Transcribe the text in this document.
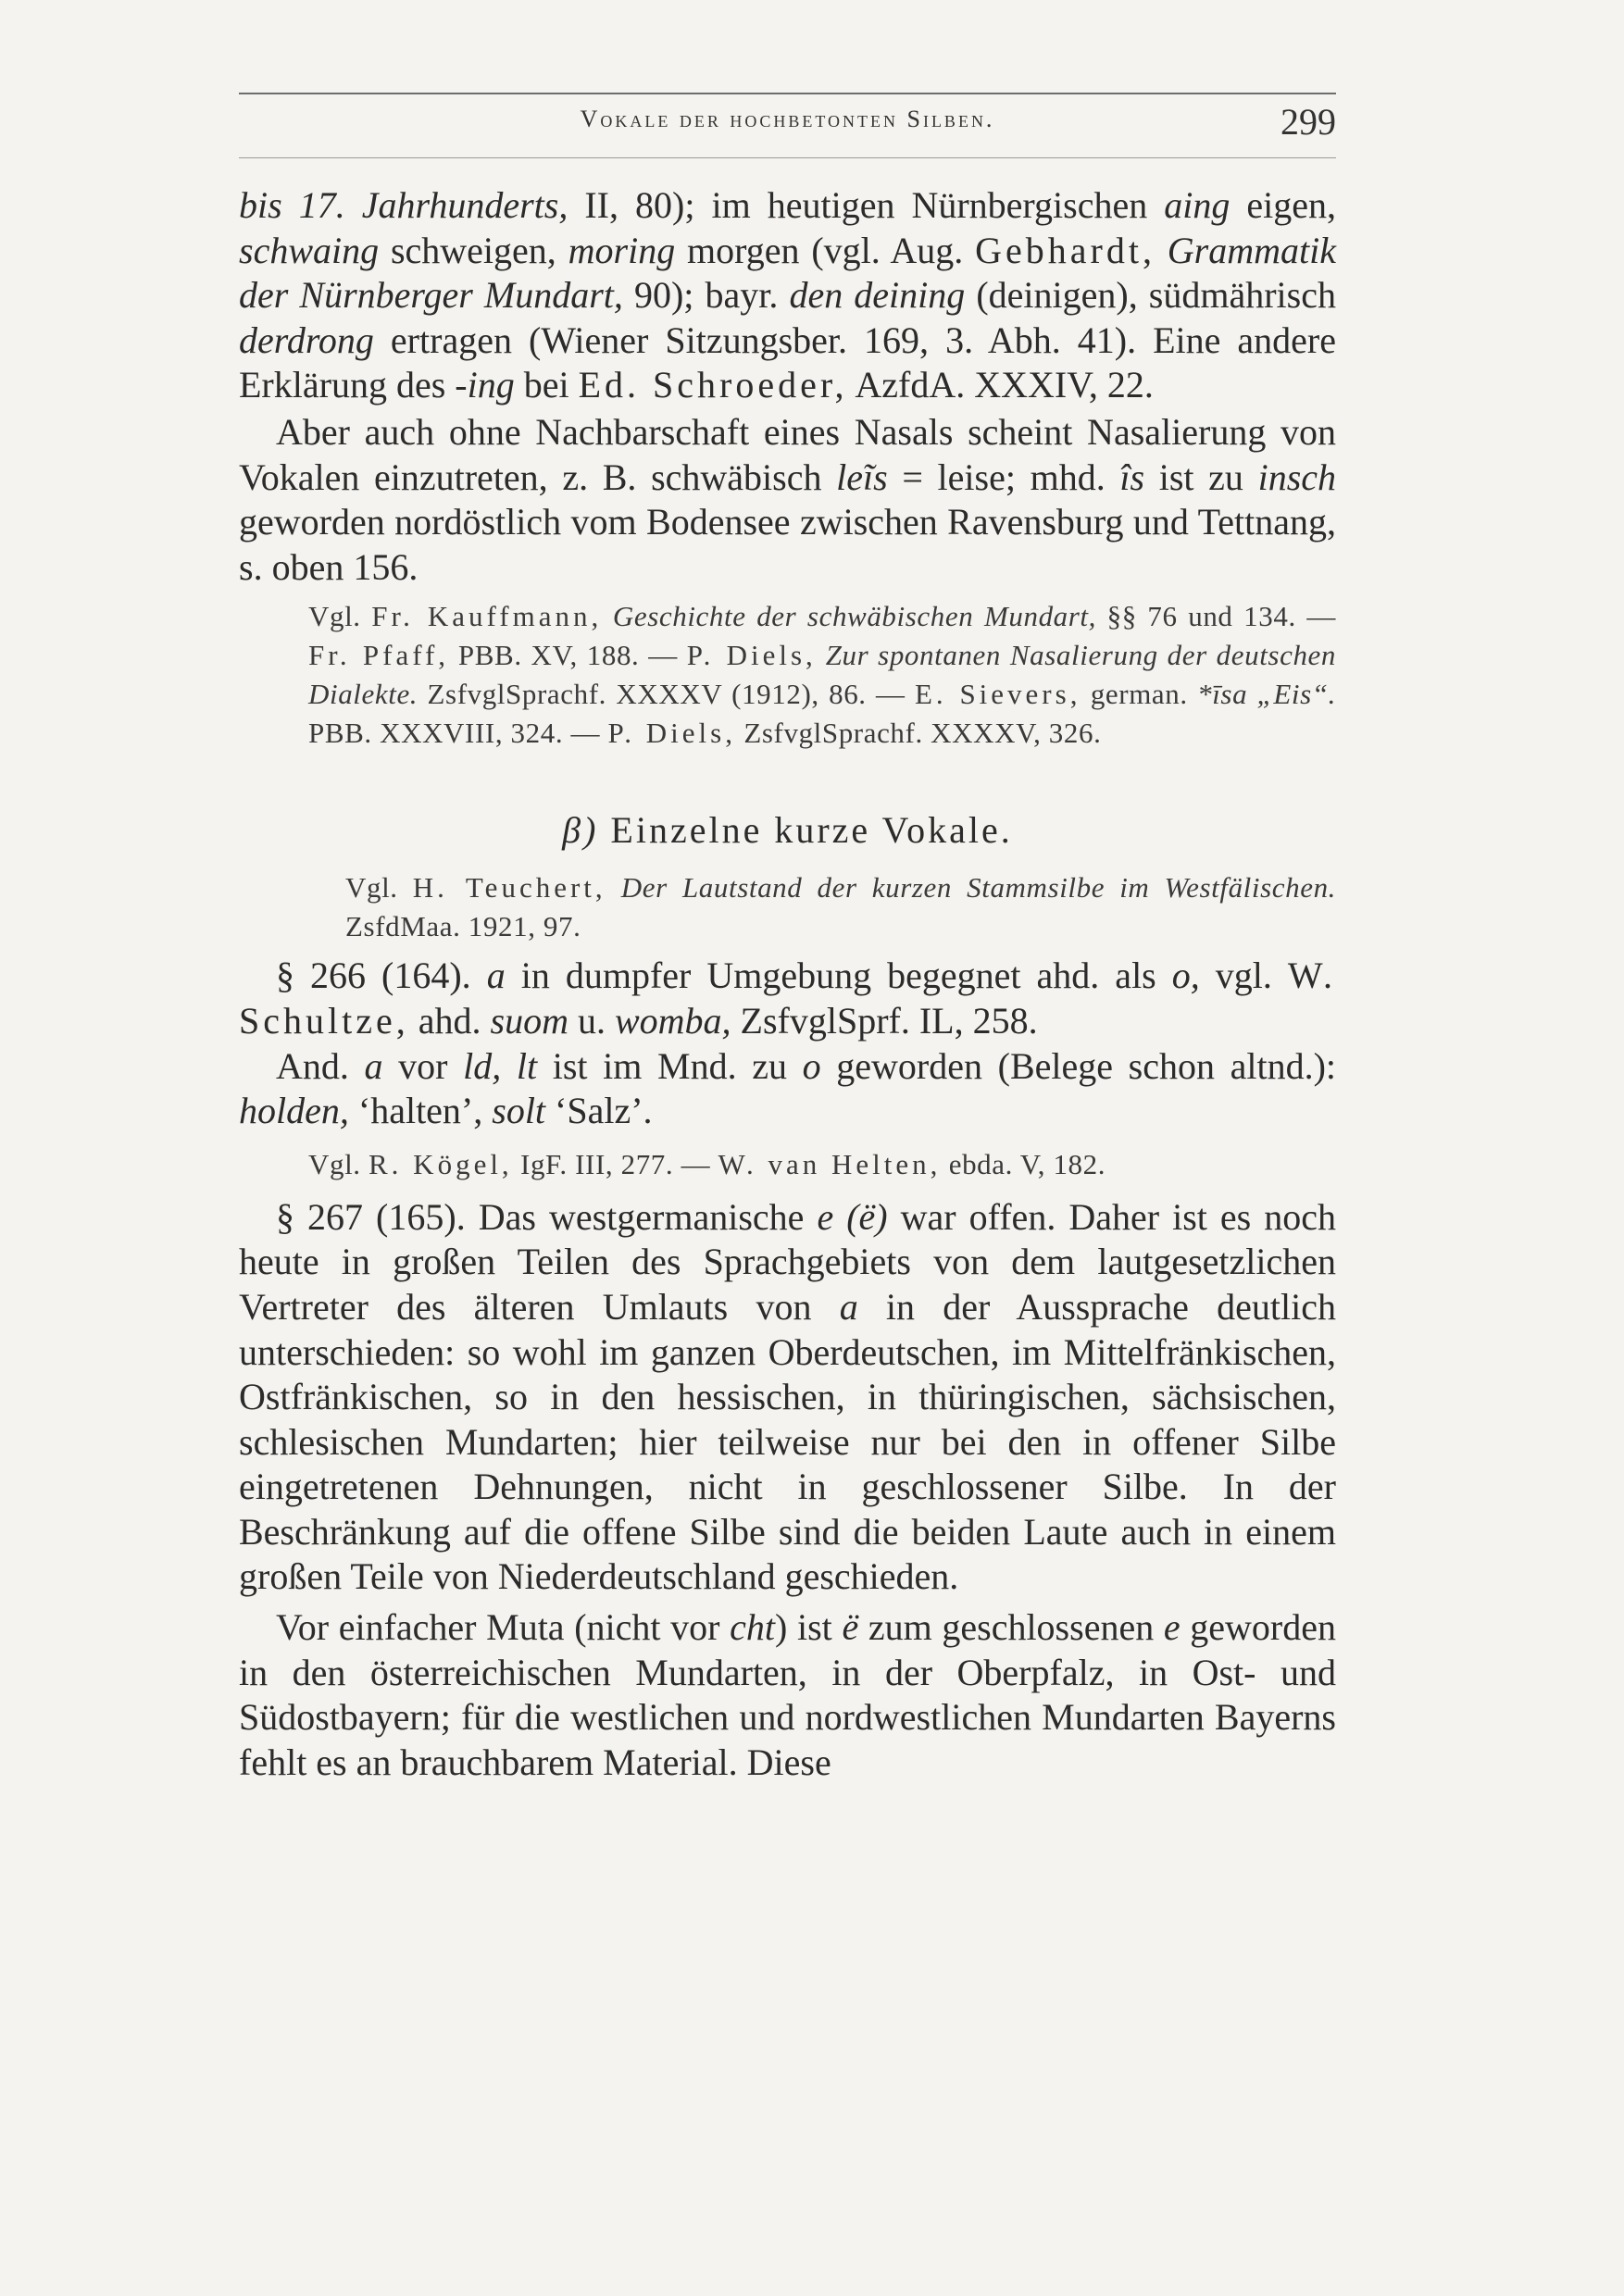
Vokale der hochbetonten Silben.	299

bis 17. Jahrhunderts, II, 80); im heutigen Nürnbergischen aing eigen, schwaing schweigen, moring morgen (vgl. Aug. Gebhardt, Grammatik der Nürnberger Mundart, 90); bayr. den deining (deinigen), südmährisch derdrong ertragen (Wiener Sitzungsber. 169, 3. Abh. 41). Eine andere Erklärung des -ing bei Ed. Schroeder, AzfdA. XXXIV, 22.

Aber auch ohne Nachbarschaft eines Nasals scheint Nasalierung von Vokalen einzutreten, z. B. schwäbisch leĩs = leise; mhd. îs ist zu insch geworden nordöstlich vom Bodensee zwischen Ravensburg und Tettnang, s. oben 156.

Vgl. Fr. Kauffmann, Geschichte der schwäbischen Mundart, §§ 76 und 134. — Fr. Pfaff, PBB. XV, 188. — P. Diels, Zur spontanen Nasalierung der deutschen Dialekte. ZsfvglSprachf. XXXXV (1912), 86. — E. Sievers, german. *īsa „Eis“. PBB. XXXVIII, 324. — P. Diels, ZsfvglSprachf. XXXXV, 326.

β) Einzelne kurze Vokale.

Vgl. H. Teuchert, Der Lautstand der kurzen Stammsilbe im Westfälischen. ZsfdMaa. 1921, 97.

§ 266 (164). a in dumpfer Umgebung begegnet ahd. als o, vgl. W. Schultze, ahd. suom u. womba, ZsfvglSprf. IL, 258.

And. a vor ld, lt ist im Mnd. zu o geworden (Belege schon altnd.): holden, ‘halten’, solt ‘Salz’.

Vgl. R. Kögel, IgF. III, 277. — W. van Helten, ebda. V, 182.

§ 267 (165). Das westgermanische e (ë) war offen. Daher ist es noch heute in großen Teilen des Sprachgebiets von dem lautgesetzlichen Vertreter des älteren Umlauts von a in der Aussprache deutlich unterschieden: so wohl im ganzen Oberdeutschen, im Mittelfränkischen, Ostfränkischen, so in den hessischen, in thüringischen, sächsischen, schlesischen Mundarten; hier teilweise nur bei den in offener Silbe eingetretenen Dehnungen, nicht in geschlossener Silbe. In der Beschränkung auf die offene Silbe sind die beiden Laute auch in einem großen Teile von Niederdeutschland geschieden.

Vor einfacher Muta (nicht vor cht) ist ë zum geschlossenen e geworden in den österreichischen Mundarten, in der Oberpfalz, in Ost- und Südostbayern; für die westlichen und nordwestlichen Mundarten Bayerns fehlt es an brauchbarem Material. Diese
